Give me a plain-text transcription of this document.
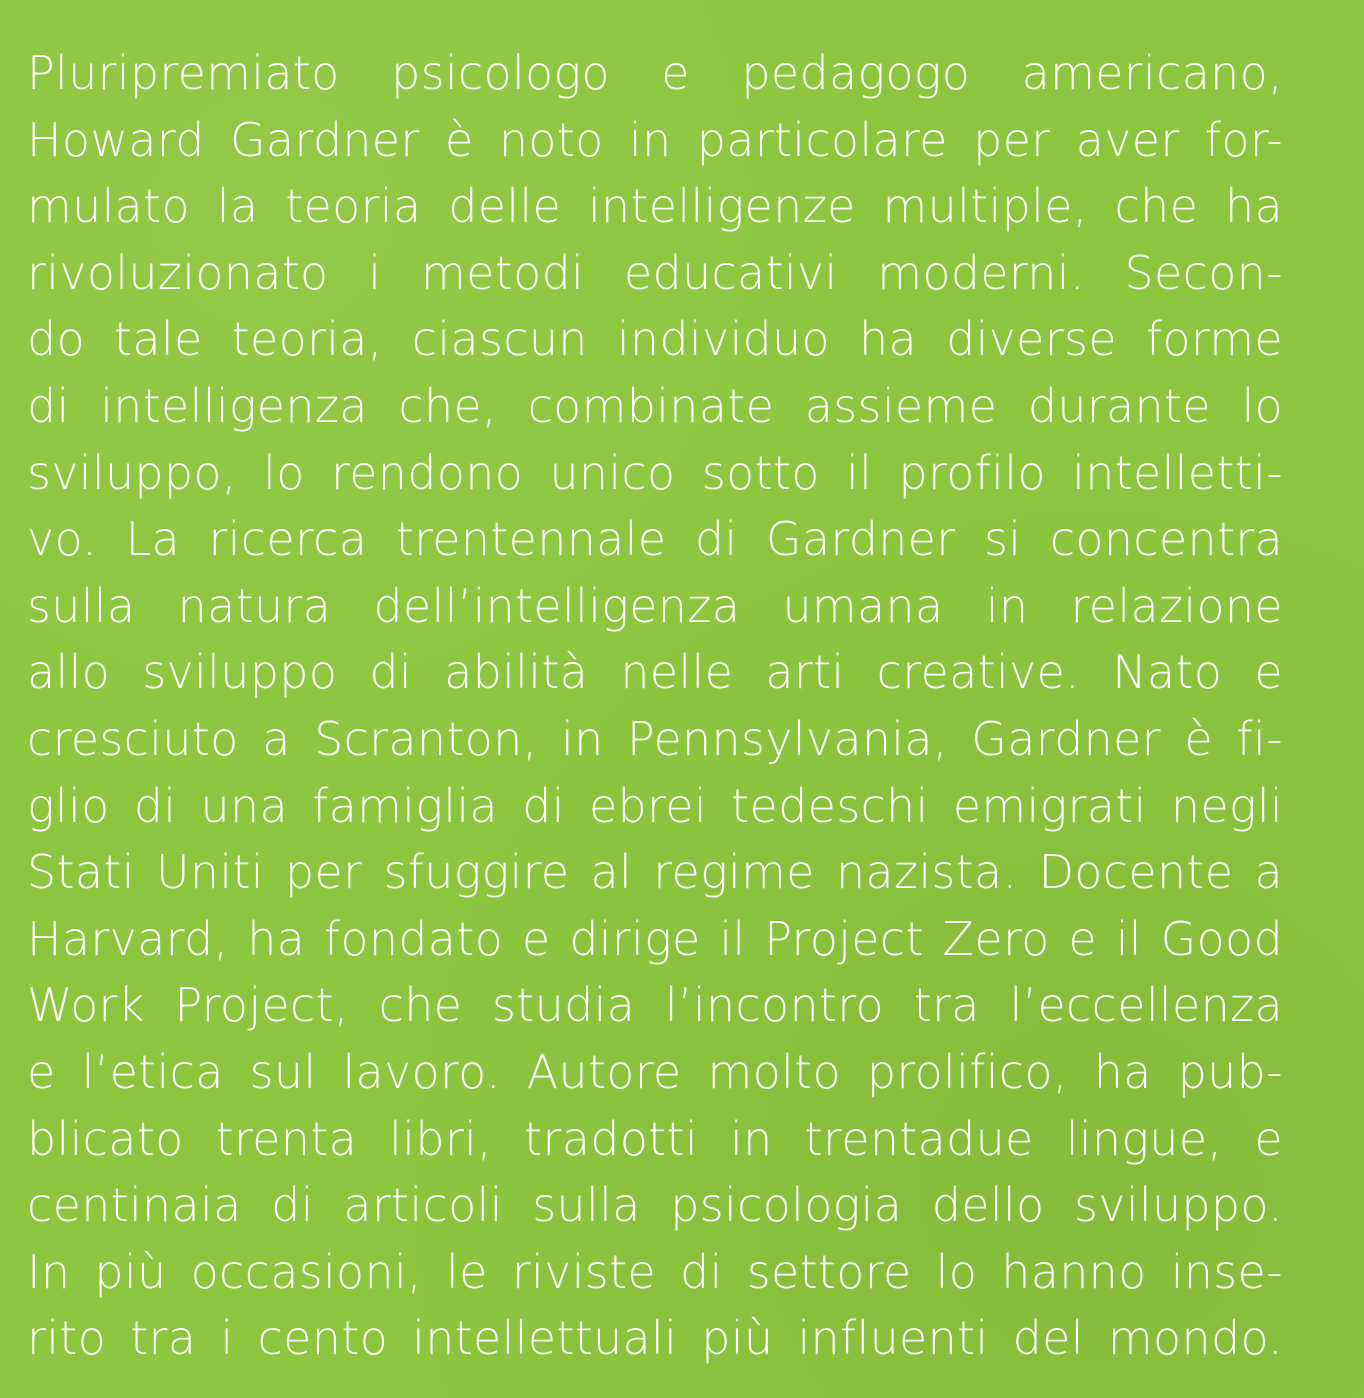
Pluripremiato psicologo e pedagogo americano,
Howard Gardner è noto in particolare per aver for-
mulato la teoria delle intelligenze multiple, che ha
rivoluzionato i metodi educativi moderni. Secon-
do tale teoria, ciascun individuo ha diverse forme
di intelligenza che, combinate assieme durante lo
sviluppo, lo rendono unico sotto il profilo intelletti-
vo. La ricerca trentennale di Gardner si concentra
sulla natura dell’intelligenza umana in relazione
allo sviluppo di abilità nelle arti creative. Nato e
cresciuto a Scranton, in Pennsylvania, Gardner è fi-
glio di una famiglia di ebrei tedeschi emigrati negli
Stati Uniti per sfuggire al regime nazista. Docente a
Harvard, ha fondato e dirige il Project Zero e il Good
Work Project, che studia l’incontro tra l’eccellenza
e l’etica sul lavoro. Autore molto prolifico, ha pub-
blicato trenta libri, tradotti in trentadue lingue, e
centinaia di articoli sulla psicologia dello sviluppo.
In più occasioni, le riviste di settore lo hanno inse-
rito tra i cento intellettuali più influenti del mondo.
